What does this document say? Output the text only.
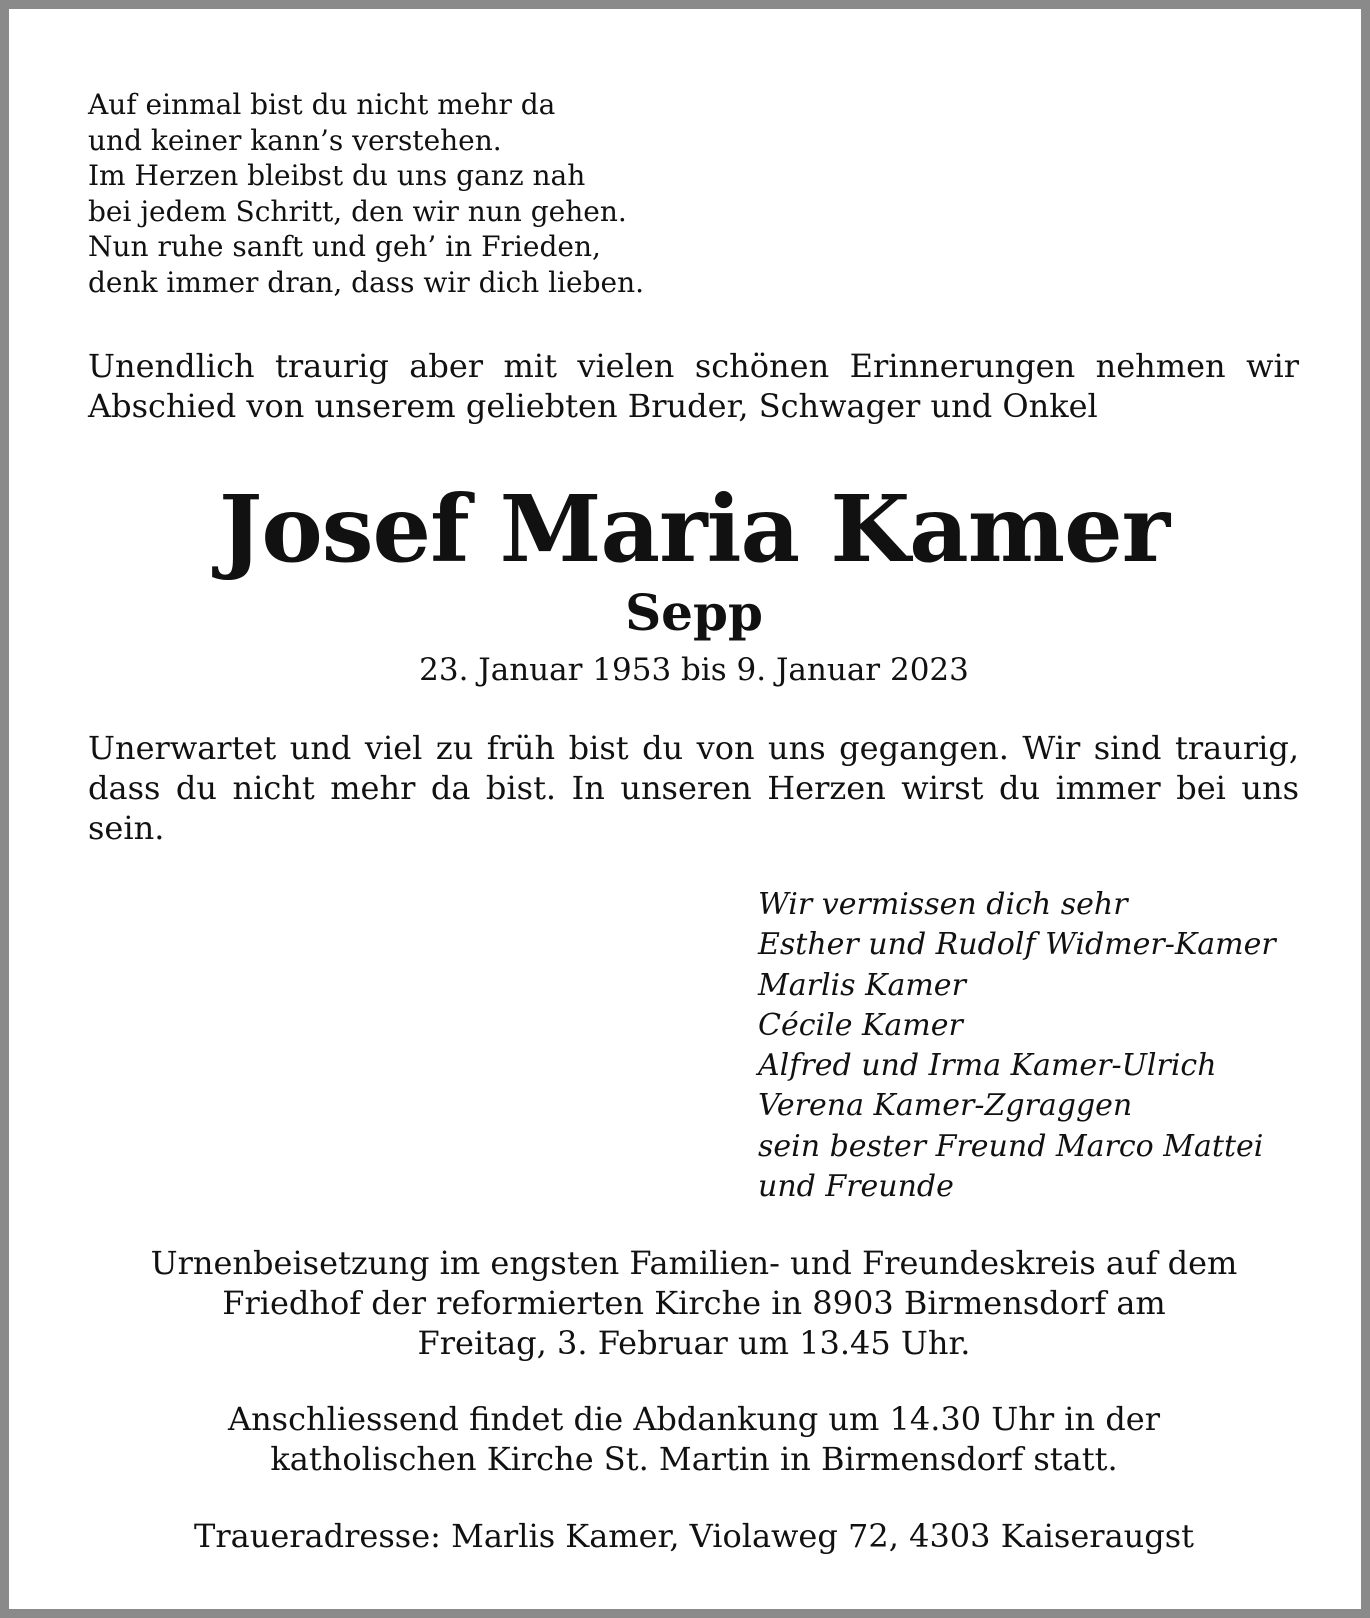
Auf einmal bist du nicht mehr da
und keiner kann’s verstehen.
Im Herzen bleibst du uns ganz nah
bei jedem Schritt, den wir nun gehen.
Nun ruhe sanft und geh’ in Frieden,
denk immer dran, dass wir dich lieben.
Unendlich traurig aber mit vielen schönen Erinnerungen nehmen wir Abschied von unserem geliebten Bruder, Schwager und Onkel
Josef Maria Kamer
Sepp
23. Januar 1953 bis 9. Januar 2023
Unerwartet und viel zu früh bist du von uns gegangen. Wir sind traurig, dass du nicht mehr da bist. In unseren Herzen wirst du immer bei uns sein.
Wir vermissen dich sehr
Esther und Rudolf Widmer-Kamer
Marlis Kamer
Cécile Kamer
Alfred und Irma Kamer-Ulrich
Verena Kamer-Zgraggen
sein bester Freund Marco Mattei
und Freunde
Urnenbeisetzung im engsten Familien- und Freundeskreis auf dem
Friedhof der reformierten Kirche in 8903 Birmensdorf am
Freitag, 3. Februar um 13.45 Uhr.
Anschliessend findet die Abdankung um 14.30 Uhr in der
katholischen Kirche St. Martin in Birmensdorf statt.
Traueradresse: Marlis Kamer, Violaweg 72, 4303 Kaiseraugst
